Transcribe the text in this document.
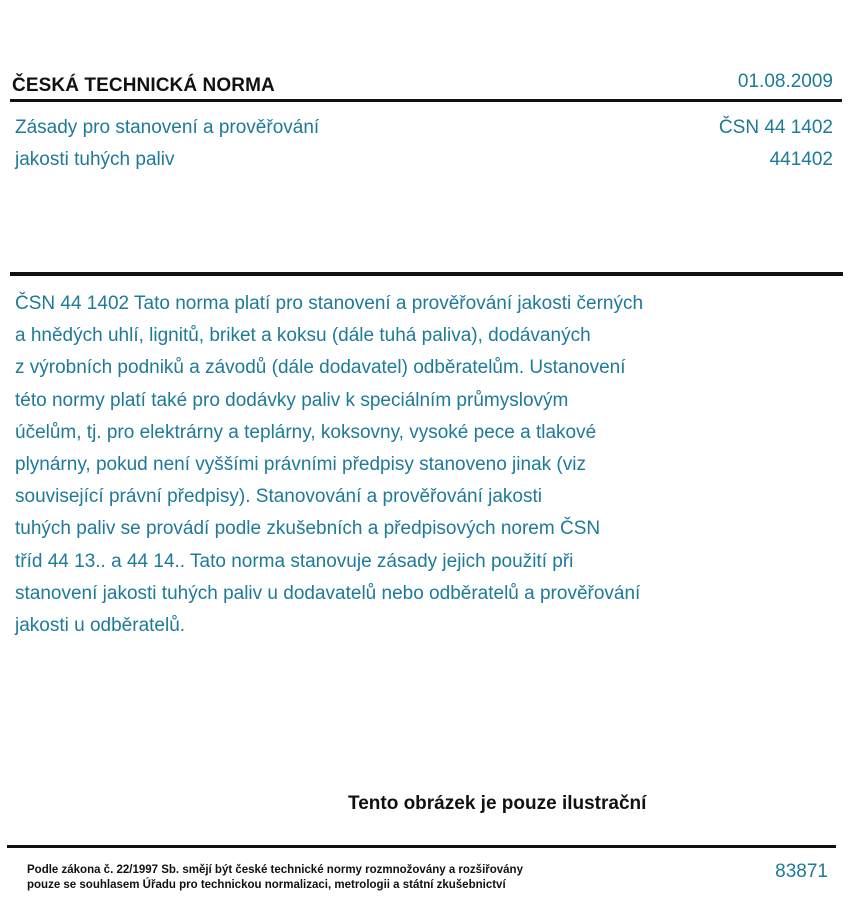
ČESKÁ TECHNICKÁ NORMA	01.08.2009
Zásady pro stanovení a prověřování
jakosti tuhých paliv
ČSN 44 1402
441402
ČSN 44 1402 Tato norma platí pro stanovení a prověřování jakosti černých
a hnědých uhlí, lignitů, briket a koksu (dále tuhá paliva), dodávaných
z výrobních podniků a závodů (dále dodavatel) odběratelům. Ustanovení
této normy platí také pro dodávky paliv k speciálním průmyslovým
účelům, tj. pro elektrárny a teplárny, koksovny, vysoké pece a tlakové
plynárny, pokud není vyššími právními předpisy stanoveno jinak (viz
související právní předpisy). Stanovování a prověřování jakosti
tuhých paliv se provádí podle zkušebních a předpisových norem ČSN
tříd 44 13.. a 44 14.. Tato norma stanovuje zásady jejich použití při
stanovení jakosti tuhých paliv u dodavatelů nebo odběratelů a prověřování
jakosti u odběratelů.
Tento obrázek je pouze ilustrační
Podle zákona č. 22/1997 Sb. smějí být české technické normy rozmnožovány a rozšiřovány
pouze se souhlasem Úřadu pro technickou normalizaci, metrologii a státní zkušebnictví
83871
